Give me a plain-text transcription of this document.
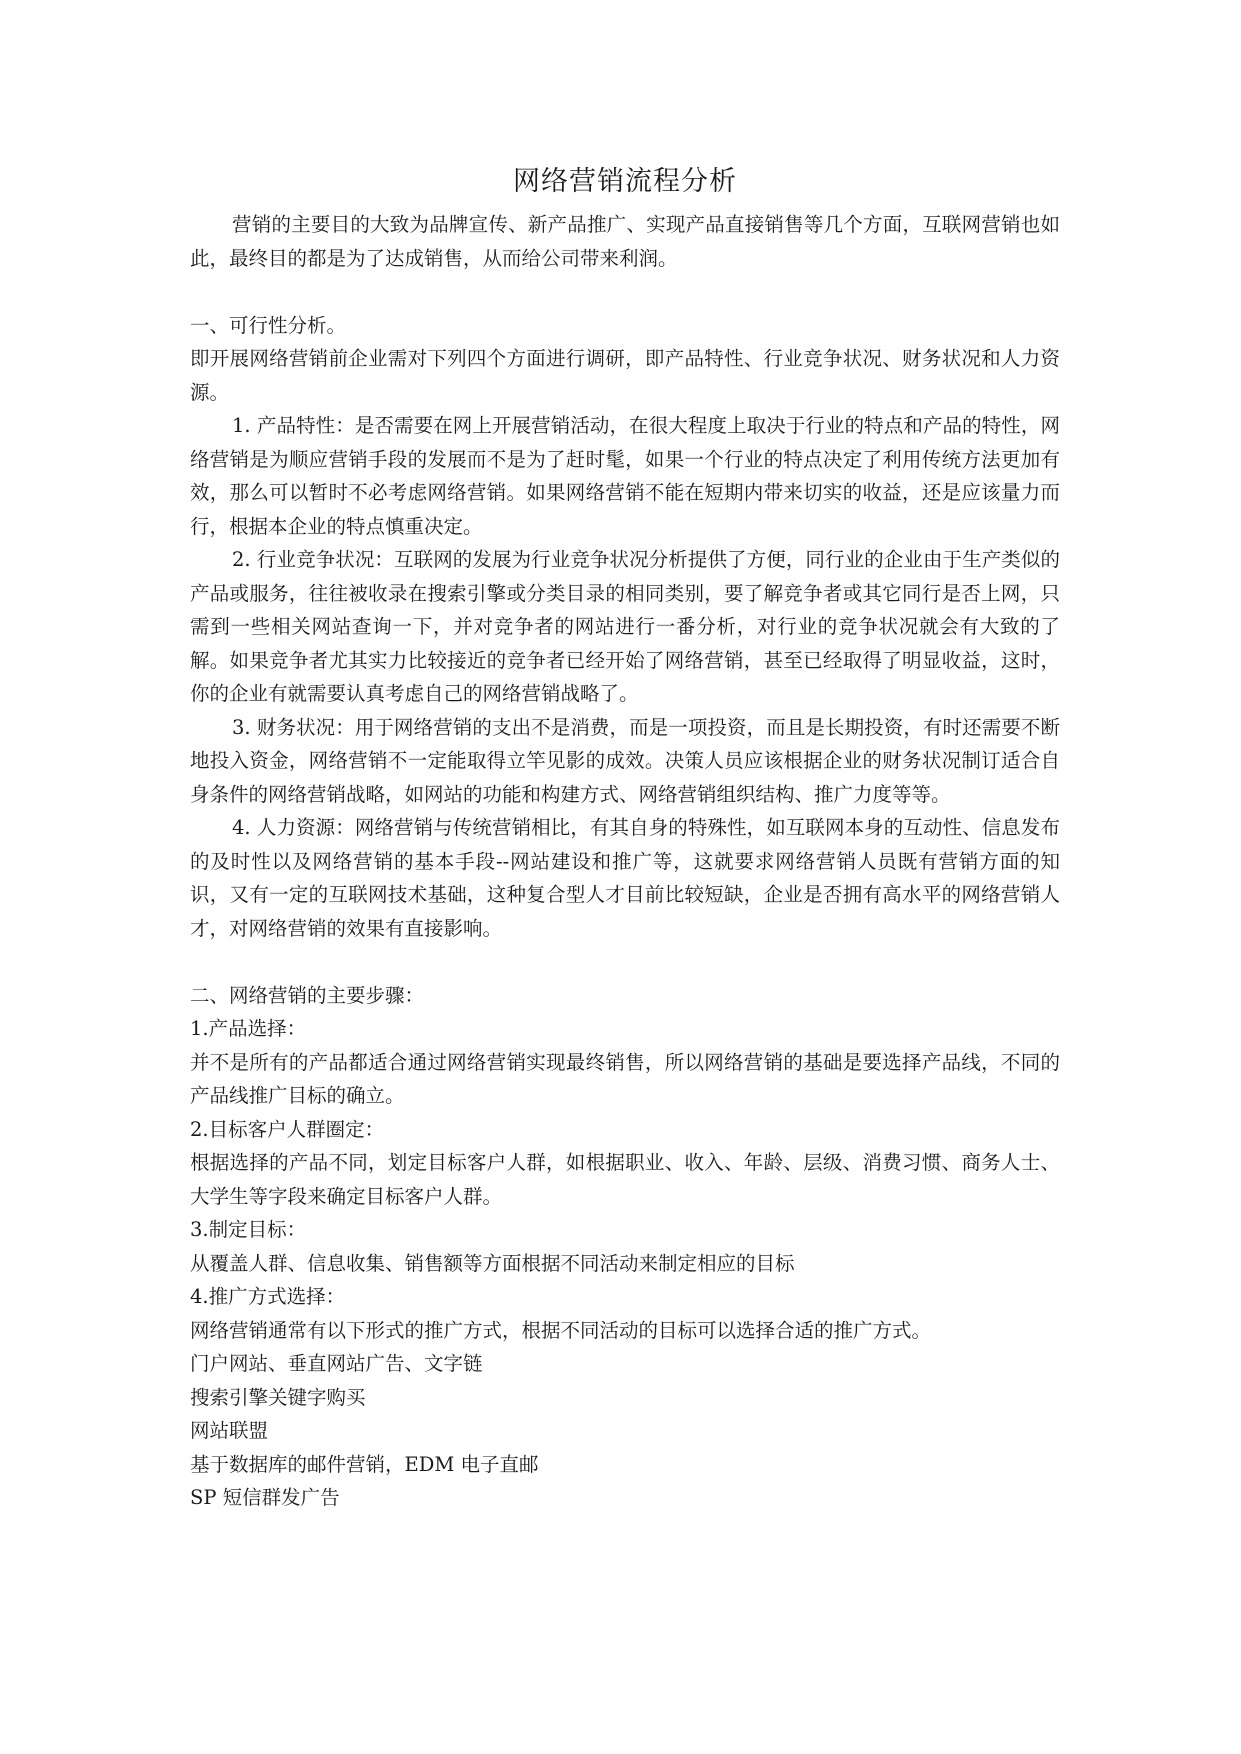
网络营销流程分析

营销的主要目的大致为品牌宣传、新产品推广、实现产品直接销售等几个方面，互联网营销也如此，最终目的都是为了达成销售，从而给公司带来利润。

一、可行性分析。

即开展网络营销前企业需对下列四个方面进行调研，即产品特性、行业竞争状况、财务状况和人力资源。

1. 产品特性：是否需要在网上开展营销活动，在很大程度上取决于行业的特点和产品的特性，网络营销是为顺应营销手段的发展而不是为了赶时髦，如果一个行业的特点决定了利用传统方法更加有效，那么可以暂时不必考虑网络营销。如果网络营销不能在短期内带来切实的收益，还是应该量力而行，根据本企业的特点慎重决定。

2. 行业竞争状况：互联网的发展为行业竞争状况分析提供了方便，同行业的企业由于生产类似的产品或服务，往往被收录在搜索引擎或分类目录的相同类别，要了解竞争者或其它同行是否上网，只需到一些相关网站查询一下，并对竞争者的网站进行一番分析，对行业的竞争状况就会有大致的了解。如果竞争者尤其实力比较接近的竞争者已经开始了网络营销，甚至已经取得了明显收益，这时，你的企业有就需要认真考虑自己的网络营销战略了。

3. 财务状况：用于网络营销的支出不是消费，而是一项投资，而且是长期投资，有时还需要不断地投入资金，网络营销不一定能取得立竿见影的成效。决策人员应该根据企业的财务状况制订适合自身条件的网络营销战略，如网站的功能和构建方式、网络营销组织结构、推广力度等等。

4. 人力资源：网络营销与传统营销相比，有其自身的特殊性，如互联网本身的互动性、信息发布的及时性以及网络营销的基本手段--网站建设和推广等，这就要求网络营销人员既有营销方面的知识，又有一定的互联网技术基础，这种复合型人才目前比较短缺，企业是否拥有高水平的网络营销人才，对网络营销的效果有直接影响。

二、网络营销的主要步骤：

1.产品选择：

并不是所有的产品都适合通过网络营销实现最终销售，所以网络营销的基础是要选择产品线，不同的产品线推广目标的确立。

2.目标客户人群圈定：

根据选择的产品不同，划定目标客户人群，如根据职业、收入、年龄、层级、消费习惯、商务人士、大学生等字段来确定目标客户人群。

3.制定目标：

从覆盖人群、信息收集、销售额等方面根据不同活动来制定相应的目标

4.推广方式选择：

网络营销通常有以下形式的推广方式，根据不同活动的目标可以选择合适的推广方式。

门户网站、垂直网站广告、文字链

搜索引擎关键字购买

网站联盟

基于数据库的邮件营销，EDM 电子直邮

SP 短信群发广告
